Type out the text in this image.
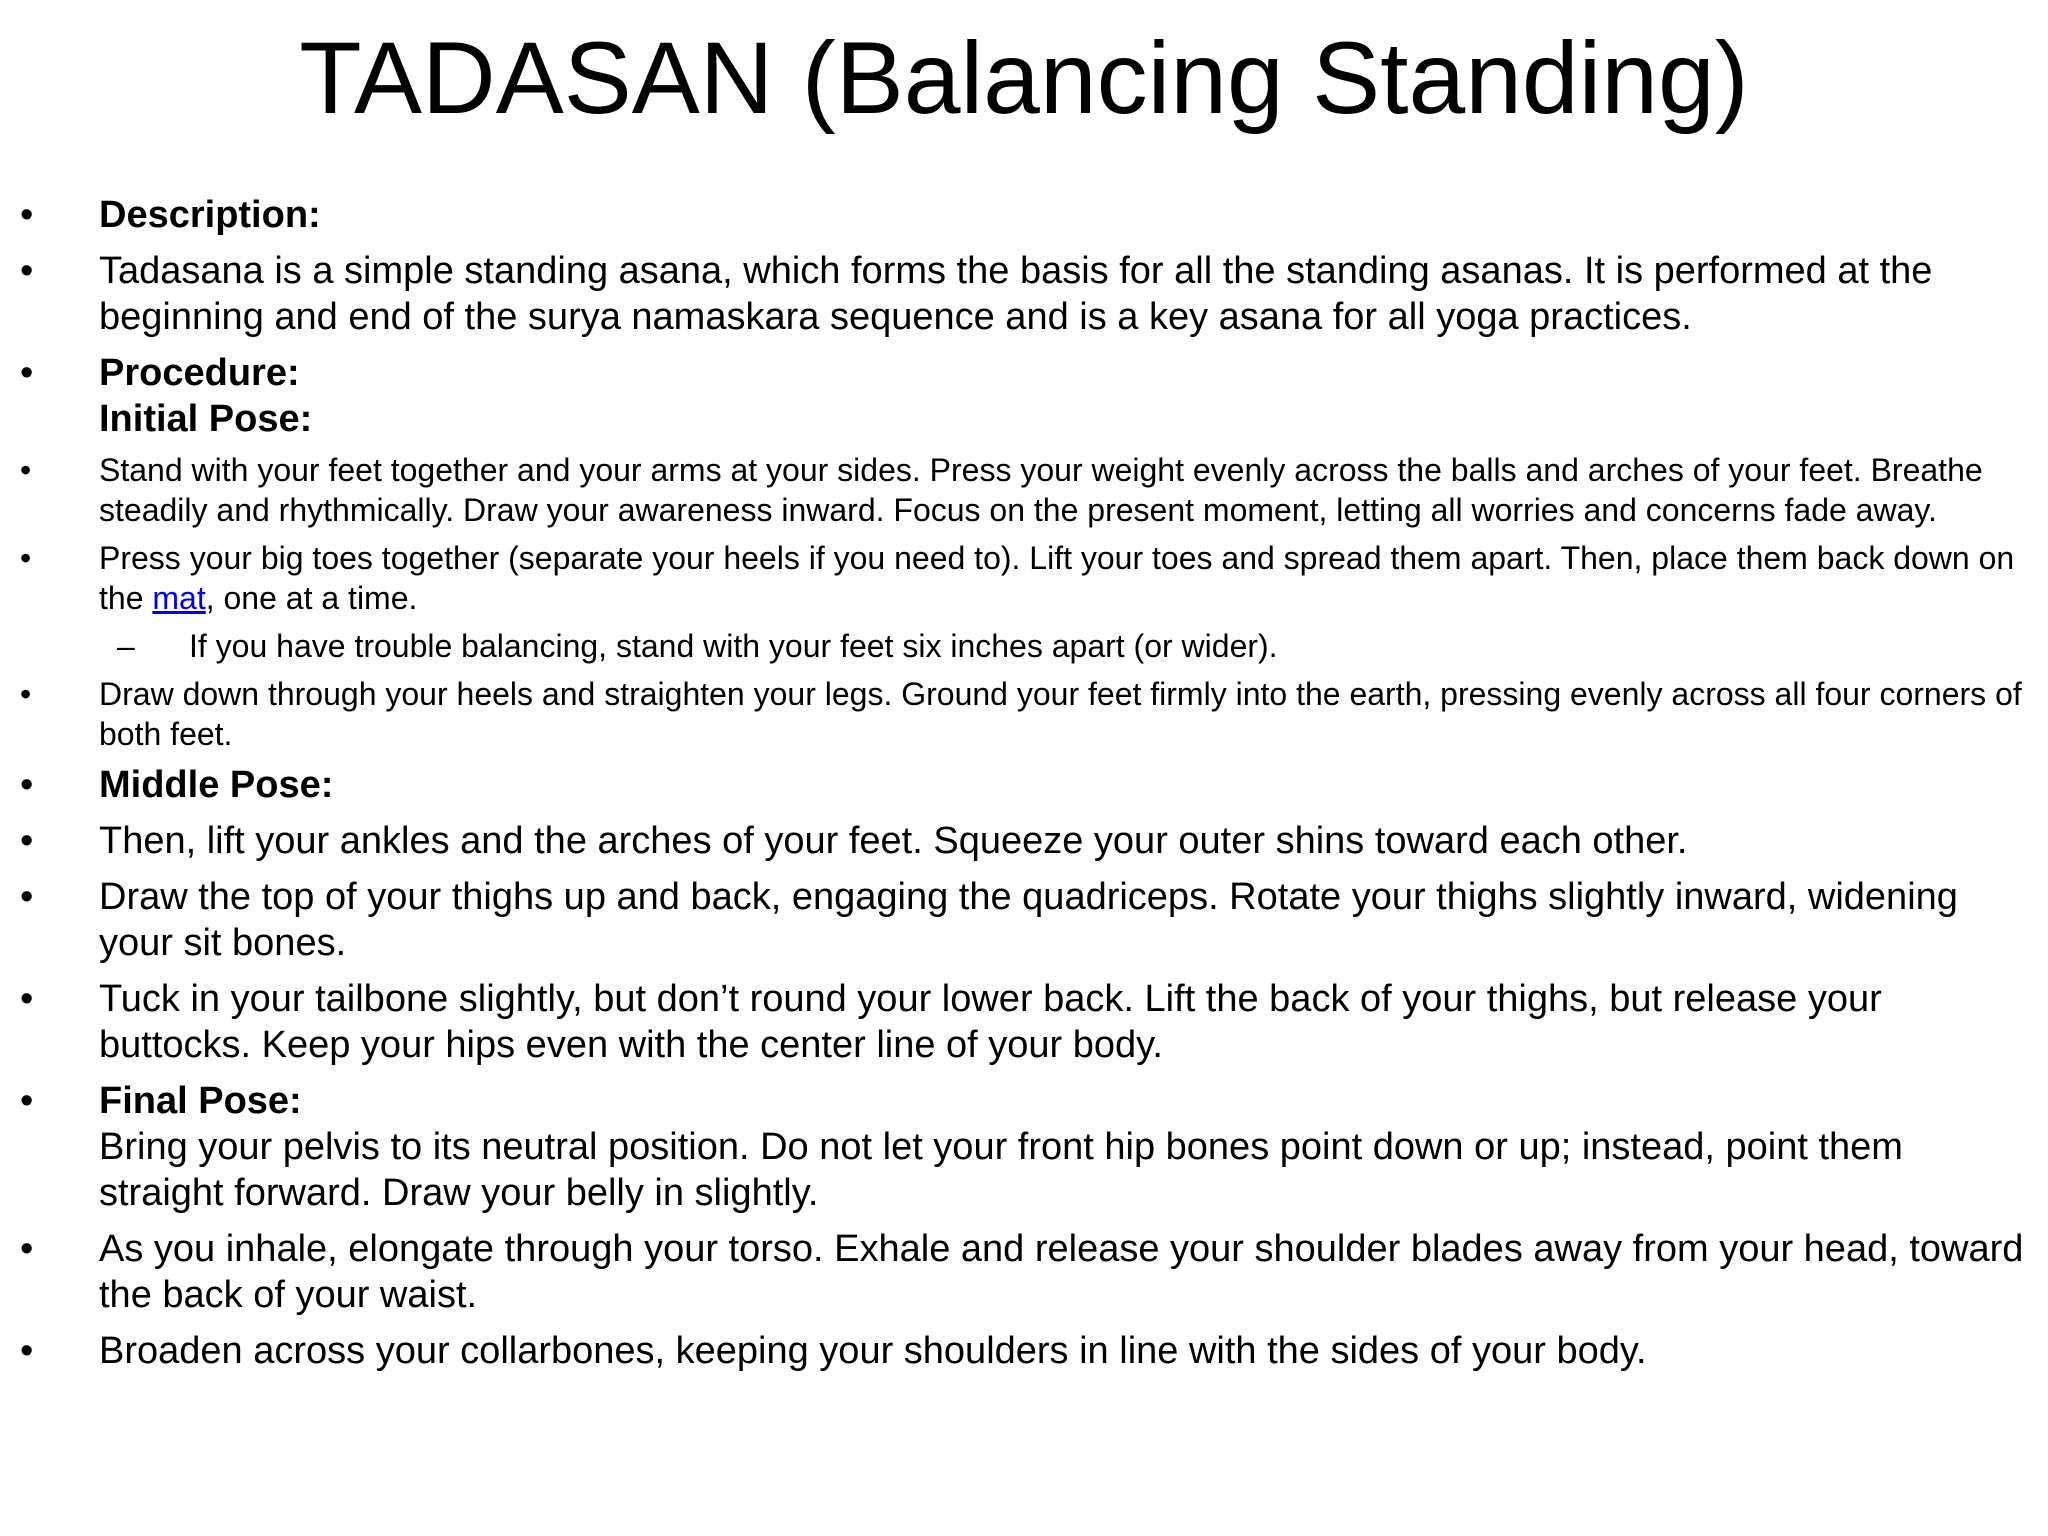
TADASAN (Balancing Standing)
•	Description:
•	Tadasana is a simple standing asana, which forms the basis for all the standing asanas. It is performed at the beginning and end of the surya namaskara sequence and is a key asana for all yoga practices.
•	Procedure:
Initial Pose:
•	Stand with your feet together and your arms at your sides. Press your weight evenly across the balls and arches of your feet. Breathe steadily and rhythmically. Draw your awareness inward. Focus on the present moment, letting all worries and concerns fade away.
•	Press your big toes together (separate your heels if you need to). Lift your toes and spread them apart. Then, place them back down on the mat, one at a time.
–	If you have trouble balancing, stand with your feet six inches apart (or wider).
•	Draw down through your heels and straighten your legs. Ground your feet firmly into the earth, pressing evenly across all four corners of both feet.
•	Middle Pose:
•	Then, lift your ankles and the arches of your feet. Squeeze your outer shins toward each other.
•	Draw the top of your thighs up and back, engaging the quadriceps. Rotate your thighs slightly inward, widening your sit bones.
•	Tuck in your tailbone slightly, but don’t round your lower back. Lift the back of your thighs, but release your buttocks. Keep your hips even with the center line of your body.
•	Final Pose:
Bring your pelvis to its neutral position. Do not let your front hip bones point down or up; instead, point them straight forward. Draw your belly in slightly.
•	As you inhale, elongate through your torso. Exhale and release your shoulder blades away from your head, toward the back of your waist.
•	Broaden across your collarbones, keeping your shoulders in line with the sides of your body.
